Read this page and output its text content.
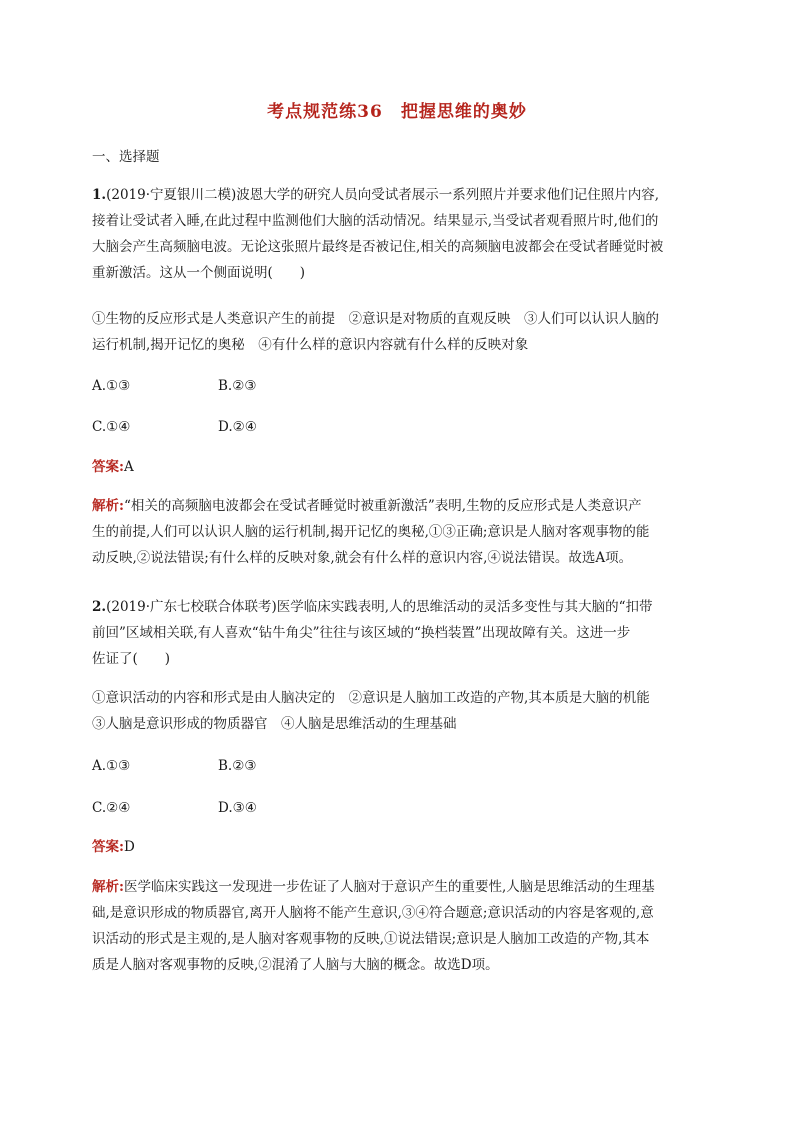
考点规范练36　把握思维的奥妙
一、选择题
1.(2019·宁夏银川二模)波恩大学的研究人员向受试者展示一系列照片并要求他们记住照片内容,
接着让受试者入睡,在此过程中监测他们大脑的活动情况。结果显示,当受试者观看照片时,他们的
大脑会产生高频脑电波。无论这张照片最终是否被记住,相关的高频脑电波都会在受试者睡觉时被
重新激活。这从一个侧面说明(　　)
①生物的反应形式是人类意识产生的前提　②意识是对物质的直观反映　③人们可以认识人脑的
运行机制,揭开记忆的奥秘　④有什么样的意识内容就有什么样的反映对象
A.①③	B.②③
C.①④	D.②④
答案:A
解析:“相关的高频脑电波都会在受试者睡觉时被重新激活”表明,生物的反应形式是人类意识产
生的前提,人们可以认识人脑的运行机制,揭开记忆的奥秘,①③正确;意识是人脑对客观事物的能
动反映,②说法错误;有什么样的反映对象,就会有什么样的意识内容,④说法错误。故选A项。
2.(2019·广东七校联合体联考)医学临床实践表明,人的思维活动的灵活多变性与其大脑的“扣带
前回”区域相关联,有人喜欢“钻牛角尖”往往与该区域的“换档装置”出现故障有关。这进一步
佐证了(　　)
①意识活动的内容和形式是由人脑决定的　②意识是人脑加工改造的产物,其本质是大脑的机能
③人脑是意识形成的物质器官　④人脑是思维活动的生理基础
A.①③	B.②③
C.②④	D.③④
答案:D
解析:医学临床实践这一发现进一步佐证了人脑对于意识产生的重要性,人脑是思维活动的生理基
础,是意识形成的物质器官,离开人脑将不能产生意识,③④符合题意;意识活动的内容是客观的,意
识活动的形式是主观的,是人脑对客观事物的反映,①说法错误;意识是人脑加工改造的产物,其本
质是人脑对客观事物的反映,②混淆了人脑与大脑的概念。故选D项。
